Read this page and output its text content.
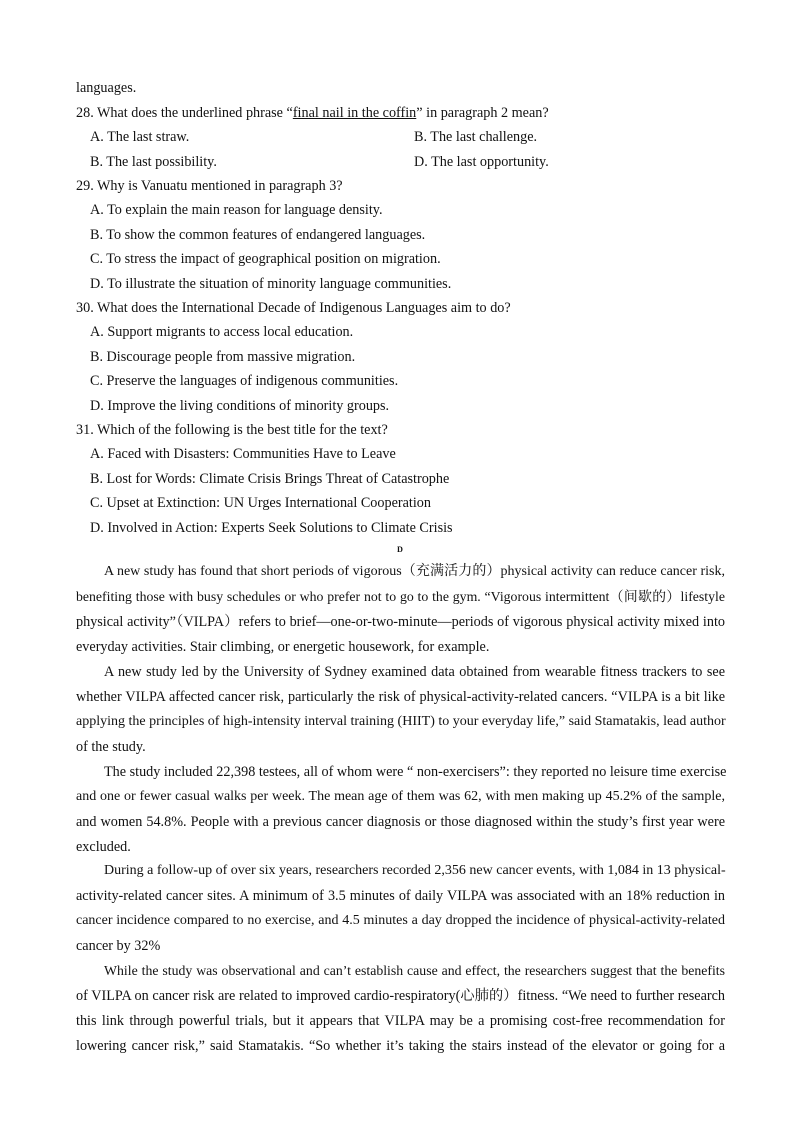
languages.
28. What does the underlined phrase “final nail in the coffin” in paragraph 2 mean?
A. The last straw.	B. The last challenge.
B. The last possibility.	D. The last opportunity.
29. Why is Vanuatu mentioned in paragraph 3?
A. To explain the main reason for language density.
B. To show the common features of endangered languages.
C. To stress the impact of geographical position on migration.
D. To illustrate the situation of minority language communities.
30. What does the International Decade of Indigenous Languages aim to do?
A. Support migrants to access local education.
B. Discourage people from massive migration.
C. Preserve the languages of indigenous communities.
D. Improve the living conditions of minority groups.
31. Which of the following is the best title for the text?
A. Faced with Disasters: Communities Have to Leave
B. Lost for Words: Climate Crisis Brings Threat of Catastrophe
C. Upset at Extinction: UN Urges International Cooperation
D. Involved in Action: Experts Seek Solutions to Climate Crisis
D
A new study has found that short periods of vigorous（充满活力的）physical activity can reduce cancer risk,
benefiting those with busy schedules or who prefer not to go to the gym. “Vigorous intermittent（间歇的）lifestyle
physical activity”（VILPA）refers to brief—one-or-two-minute—periods of vigorous physical activity mixed into
everyday activities. Stair climbing, or energetic housework, for example.
A new study led by the University of Sydney examined data obtained from wearable fitness trackers to see
whether VILPA affected cancer risk, particularly the risk of physical-activity-related cancers. “VILPA is a bit like
applying the principles of high-intensity interval training (HIIT) to your everyday life,” said Stamatakis, lead author
of the study.
The study included 22,398 testees, all of whom were “ non-exercisers”: they reported no leisure time exercise
and one or fewer casual walks per week. The mean age of them was 62, with men making up 45.2% of the sample,
and women 54.8%. People with a previous cancer diagnosis or those diagnosed within the study’s first year were
excluded.
During a follow-up of over six years, researchers recorded 2,356 new cancer events, with 1,084 in 13 physical-
activity-related cancer sites. A minimum of 3.5 minutes of daily VILPA was associated with an 18% reduction in
cancer incidence compared to no exercise, and 4.5 minutes a day dropped the incidence of physical-activity-related
cancer by 32%
While the study was observational and can’t establish cause and effect, the researchers suggest that the benefits
of VILPA on cancer risk are related to improved cardio-respiratory(心肺的）fitness. “We need to further research
this link through powerful trials, but it appears that VILPA may be a promising cost-free recommendation for
lowering cancer risk,” said Stamatakis. “So whether it’s taking the stairs instead of the elevator or going for a
